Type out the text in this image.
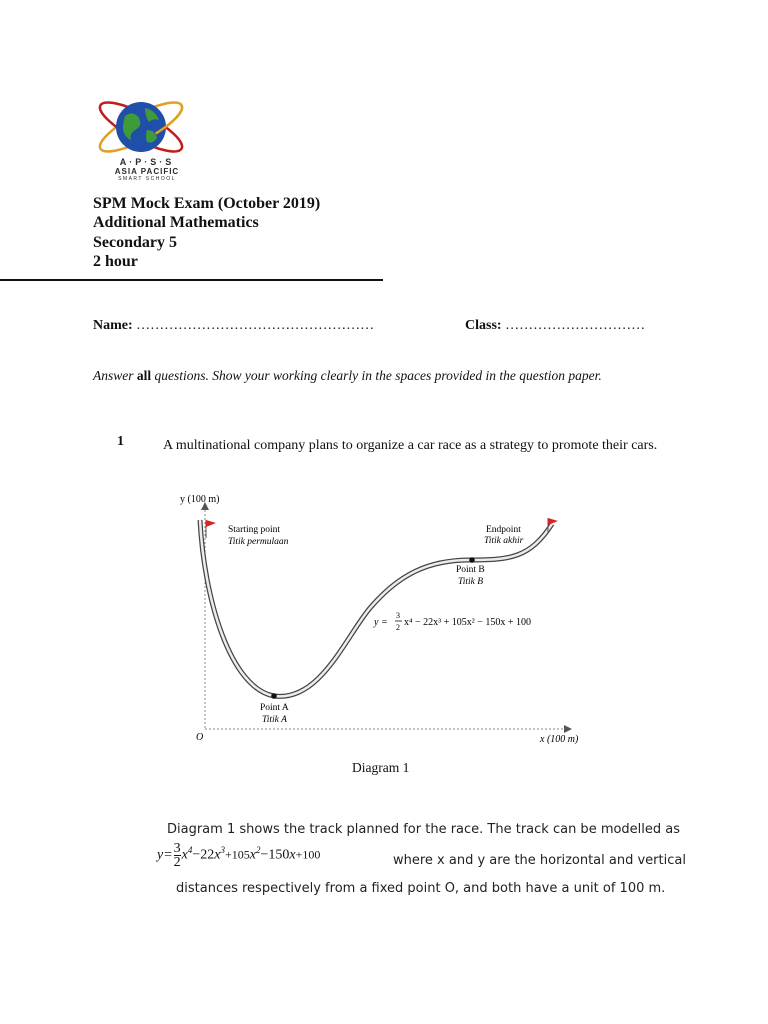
A·P·S·S
ASIA PACIFIC
SMART SCHOOL
SPM Mock Exam (October 2019)
Additional Mathematics
Secondary 5
2 hour
Name: ……………………………………………	Class: …………………………
Answer all questions. Show your working clearly in the spaces provided in the question paper.
1	A multinational company plans to organize a car race as a strategy to promote their cars.
y (100 m)
x (100 m)
O
Starting point
Titik permulaan
Endpoint
Titik akhir
Point A
Titik A
Point B
Titik B
y =
3
2 x⁴ − 22x³ + 105x² − 150x + 100
Diagram 1
Diagram 1 shows the track planned for the race. The track can be modelled as
$y= \frac{3}{2} x^4-22x^3+105x^2-150x+100$	where x and y are the horizontal and vertical
distances respectively from a fixed point O, and both have a unit of 100 m.
